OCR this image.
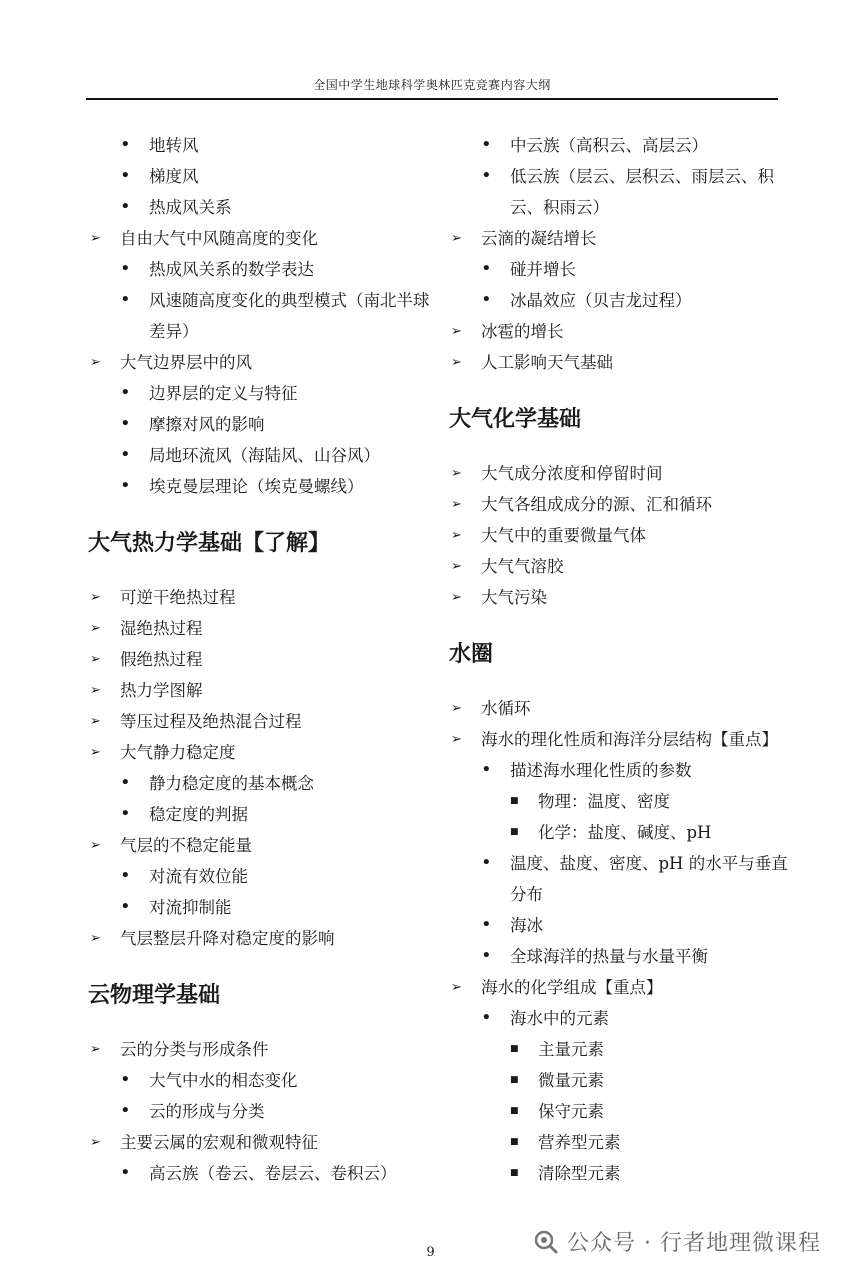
全国中学生地球科学奥林匹克竞赛内容大纲
• 地转风
• 梯度风
• 热成风关系
➢ 自由大气中风随高度的变化
• 热成风关系的数学表达
• 风速随高度变化的典型模式（南北半球差异）
➢ 大气边界层中的风
• 边界层的定义与特征
• 摩擦对风的影响
• 局地环流风（海陆风、山谷风）
• 埃克曼层理论（埃克曼螺线）
大气热力学基础【了解】
➢ 可逆干绝热过程
➢ 湿绝热过程
➢ 假绝热过程
➢ 热力学图解
➢ 等压过程及绝热混合过程
➢ 大气静力稳定度
• 静力稳定度的基本概念
• 稳定度的判据
➢ 气层的不稳定能量
• 对流有效位能
• 对流抑制能
➢ 气层整层升降对稳定度的影响
云物理学基础
➢ 云的分类与形成条件
• 大气中水的相态变化
• 云的形成与分类
➢ 主要云属的宏观和微观特征
• 高云族（卷云、卷层云、卷积云）
• 中云族（高积云、高层云）
• 低云族（层云、层积云、雨层云、积云、积雨云）
➢ 云滴的凝结增长
• 碰并增长
• 冰晶效应（贝吉龙过程）
➢ 冰雹的增长
➢ 人工影响天气基础
大气化学基础
➢ 大气成分浓度和停留时间
➢ 大气各组成成分的源、汇和循环
➢ 大气中的重要微量气体
➢ 大气气溶胶
➢ 大气污染
水圈
➢ 水循环
➢ 海水的理化性质和海洋分层结构【重点】
• 描述海水理化性质的参数
■ 物理：温度、密度
■ 化学：盐度、碱度、pH
• 温度、盐度、密度、pH 的水平与垂直分布
• 海冰
• 全球海洋的热量与水量平衡
➢ 海水的化学组成【重点】
• 海水中的元素
■ 主量元素
■ 微量元素
■ 保守元素
■ 营养型元素
■ 清除型元素
公众号 · 行者地理微课程
9
